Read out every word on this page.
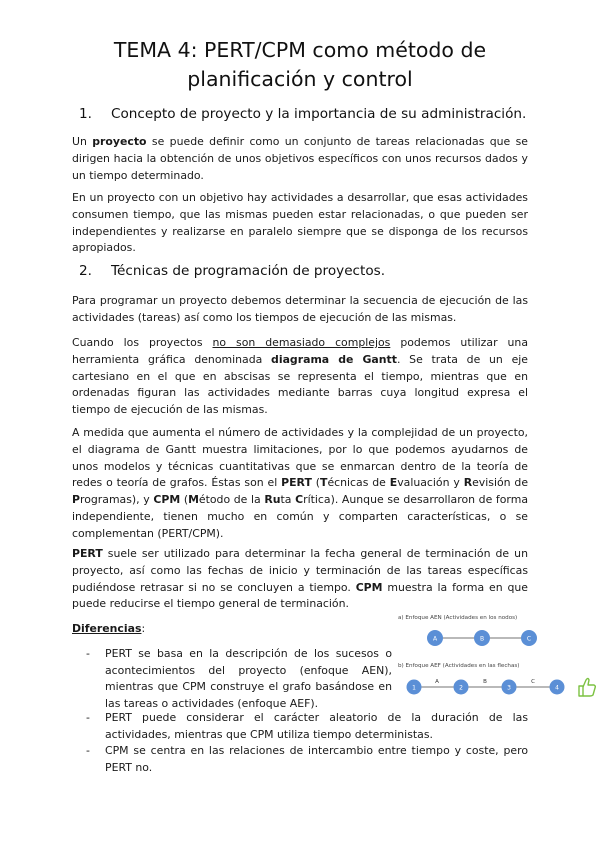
TEMA 4: PERT/CPM como método de
planificación y control
1. Concepto de proyecto y la importancia de su administración.

Un proyecto se puede definir como un conjunto de tareas relacionadas que se dirigen hacia la obtención de unos objetivos específicos con unos recursos dados y un tiempo determinado.

En un proyecto con un objetivo hay actividades a desarrollar, que esas actividades consumen tiempo, que las mismas pueden estar relacionadas, o que pueden ser independientes y realizarse en paralelo siempre que se disponga de los recursos apropiados.

2. Técnicas de programación de proyectos.

Para programar un proyecto debemos determinar la secuencia de ejecución de las actividades (tareas) así como los tiempos de ejecución de las mismas.

Cuando los proyectos no son demasiado complejos podemos utilizar una herramienta gráfica denominada diagrama de Gantt. Se trata de un eje cartesiano en el que en abscisas se representa el tiempo, mientras que en ordenadas figuran las actividades mediante barras cuya longitud expresa el tiempo de ejecución de las mismas.

A medida que aumenta el número de actividades y la complejidad de un proyecto, el diagrama de Gantt muestra limitaciones, por lo que podemos ayudarnos de unos modelos y técnicas cuantitativas que se enmarcan dentro de la teoría de redes o teoría de grafos. Éstas son el PERT (Técnicas de Evaluación y Revisión de Programas), y CPM (Método de la Ruta Crítica). Aunque se desarrollaron de forma independiente, tienen mucho en común y comparten características, o se complementan (PERT/CPM).

PERT suele ser utilizado para determinar la fecha general de terminación de un proyecto, así como las fechas de inicio y terminación de las tareas específicas pudiéndose retrasar si no se concluyen a tiempo. CPM muestra la forma en que puede reducirse el tiempo general de terminación.

Diferencias:

- PERT se basa en la descripción de los sucesos o acontecimientos del proyecto (enfoque AEN), mientras que CPM construye el grafo basándose en las tareas o actividades (enfoque AEF).
- PERT puede considerar el carácter aleatorio de la duración de las actividades, mientras que CPM utiliza tiempo deterministas.
- CPM se centra en las relaciones de intercambio entre tiempo y coste, pero PERT no.
a) Enfoque AEN (Actividades en los nodos)
A	B	C
b) Enfoque AEF (Actividades en las flechas)
A	B	C
1	2	3	4
